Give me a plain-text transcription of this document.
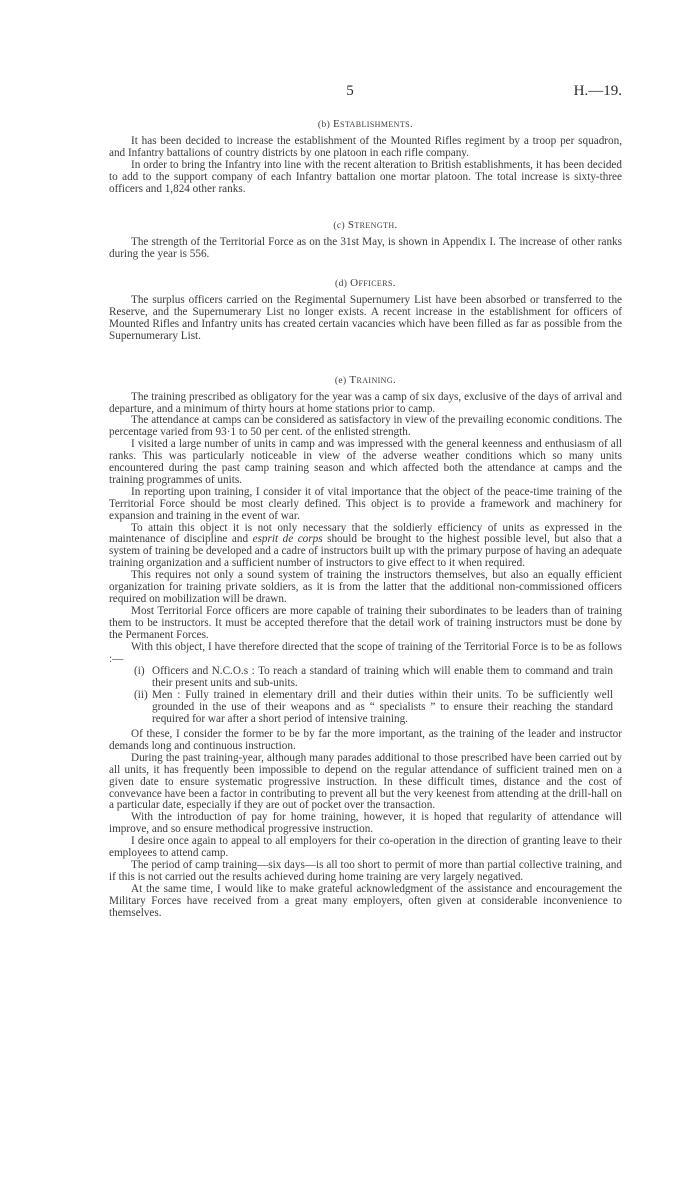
5	H.—19.
(b) Establishments.

It has been decided to increase the establishment of the Mounted Rifles regiment by a troop per squadron, and Infantry battalions of country districts by one platoon in each rifle company.

In order to bring the Infantry into line with the recent alteration to British establishments, it has been decided to add to the support company of each Infantry battalion one mortar platoon. The total increase is sixty-three officers and 1,824 other ranks.

(c) Strength.

The strength of the Territorial Force as on the 31st May, is shown in Appendix I. The increase of other ranks during the year is 556.

(d) Officers.

The surplus officers carried on the Regimental Supernumery List have been absorbed or transferred to the Reserve, and the Supernumerary List no longer exists. A recent increase in the establishment for officers of Mounted Rifles and Infantry units has created certain vacancies which have been filled as far as possible from the Supernumerary List.

(e) Training.

The training prescribed as obligatory for the year was a camp of six days, exclusive of the days of arrival and departure, and a minimum of thirty hours at home stations prior to camp.

The attendance at camps can be considered as satisfactory in view of the prevailing economic conditions. The percentage varied from 93·1 to 50 per cent. of the enlisted strength.

I visited a large number of units in camp and was impressed with the general keenness and enthusiasm of all ranks. This was particularly noticeable in view of the adverse weather conditions which so many units encountered during the past camp training season and which affected both the attendance at camps and the training programmes of units.

In reporting upon training, I consider it of vital importance that the object of the peace-time training of the Territorial Force should be most clearly defined. This object is to provide a framework and machinery for expansion and training in the event of war.

To attain this object it is not only necessary that the soldierly efficiency of units as expressed in the maintenance of discipline and esprit de corps should be brought to the highest possible level, but also that a system of training be developed and a cadre of instructors built up with the primary purpose of having an adequate training organization and a sufficient number of instructors to give effect to it when required.

This requires not only a sound system of training the instructors themselves, but also an equally efficient organization for training private soldiers, as it is from the latter that the additional non-commissioned officers required on mobilization will be drawn.

Most Territorial Force officers are more capable of training their subordinates to be leaders than of training them to be instructors. It must be accepted therefore that the detail work of training instructors must be done by the Permanent Forces.

With this object, I have therefore directed that the scope of training of the Territorial Force is to be as follows :—

(i) Officers and N.C.O.s : To reach a standard of training which will enable them to command and train their present units and sub-units.
(ii) Men : Fully trained in elementary drill and their duties within their units. To be sufficiently well grounded in the use of their weapons and as “ specialists ” to ensure their reaching the standard required for war after a short period of intensive training.

Of these, I consider the former to be by far the more important, as the training of the leader and instructor demands long and continuous instruction.

During the past training-year, although many parades additional to those prescribed have been carried out by all units, it has frequently been impossible to depend on the regular attendance of sufficient trained men on a given date to ensure systematic progressive instruction. In these difficult times, distance and the cost of convevance have been a factor in contributing to prevent all but the very keenest from attending at the drill-hall on a particular date, especially if they are out of pocket over the transaction.

With the introduction of pay for home training, however, it is hoped that regularity of attendance will improve, and so ensure methodical progressive instruction.

I desire once again to appeal to all employers for their co-operation in the direction of granting leave to their employees to attend camp.

The period of camp training—six days—is all too short to permit of more than partial collective training, and if this is not carried out the results achieved during home training are very largely negatived.

At the same time, I would like to make grateful acknowledgment of the assistance and encouragement the Military Forces have received from a great many employers, often given at considerable inconvenience to themselves.
